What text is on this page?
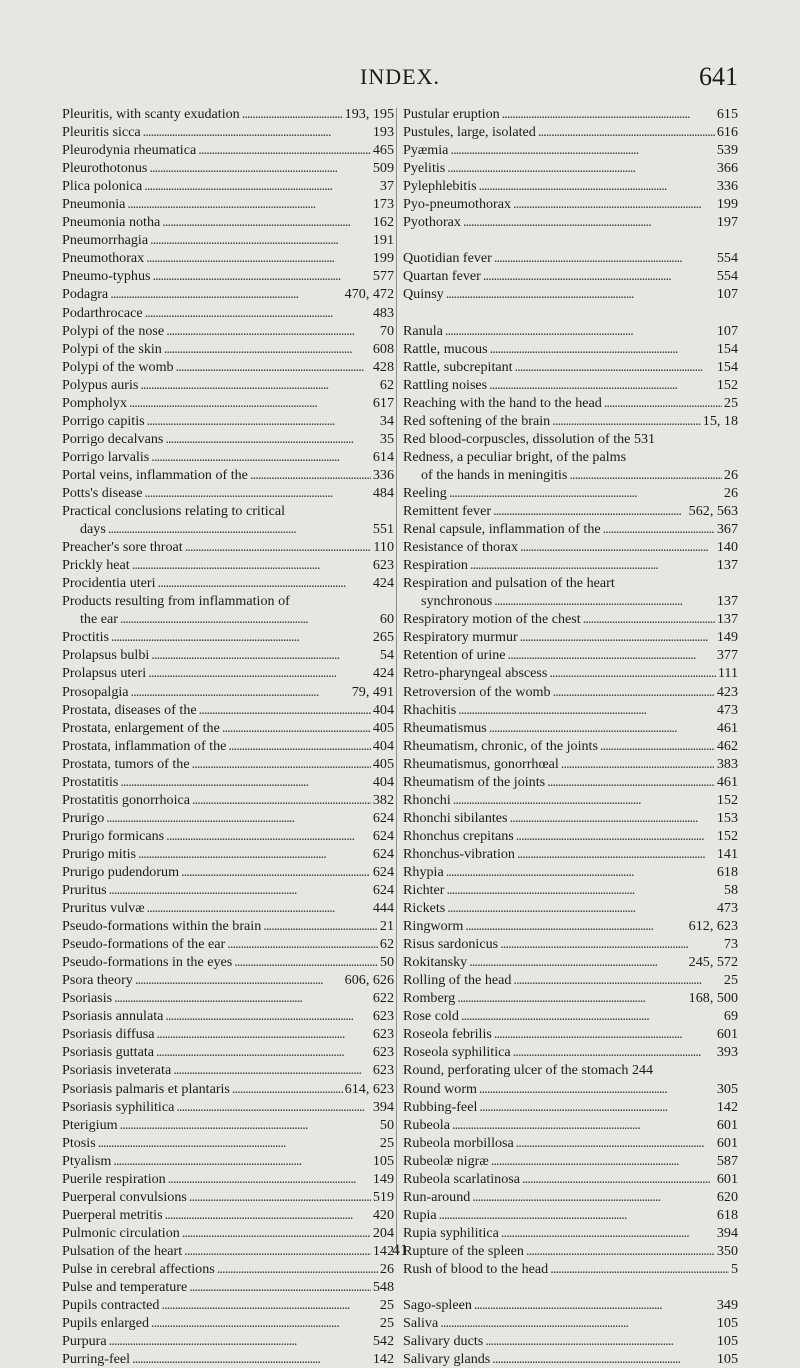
INDEX.	641
Pleuritis, with scanty exudation . . .	193, 195
Pleuritis sicca . . .	193
Pleurodynia rheumatica . . .	465
Pleurothotonus . . .	509
Plica polonica . . .	37
Pneumonia . . .	173
Pneumonia notha . . .	162
Pneumorrhagia . . .	191
Pneumothorax . . .	199
Pneumo-typhus . . .	577
Podagra . . .	470, 472
Podarthrocace . . .	483
Polypi of the nose . . .	70
Polypi of the skin . . .	608
Polypi of the womb . . .	428
Polypus auris . . .	62
Pompholyx . . .	617
Porrigo capitis . . .	34
Porrigo decalvans . . .	35
Porrigo larvalis . . .	614
Portal veins, inflammation of the . . .	336
Potts's disease . . .	484
Practical conclusions relating to critical
days . . .	551
Preacher's sore throat . . .	110
Prickly heat . . .	623
Procidentia uteri . . .	424
Products resulting from inflammation of
the ear . . .	60
Proctitis . . .	265
Prolapsus bulbi . . .	54
Prolapsus uteri . . .	424
Prosopalgia . . .	79, 491
Prostata, diseases of the . . .	404
Prostata, enlargement of the . . .	405
Prostata, inflammation of the . . .	404
Prostata, tumors of the . . .	405
Prostatitis . . .	404
Prostatitis gonorrhoica . . .	382
Prurigo . . .	624
Prurigo formicans . . .	624
Prurigo mitis . . .	624
Prurigo pudendorum . . .	624
Pruritus . . .	624
Pruritus vulvæ . . .	444
Pseudo-formations within the brain . . .	21
Pseudo-formations of the ear . . .	62
Pseudo-formations in the eyes . . .	50
Psora theory . . .	606, 626
Psoriasis . . .	622
Psoriasis annulata . . .	623
Psoriasis diffusa . . .	623
Psoriasis guttata . . .	623
Psoriasis inveterata . . .	623
Psoriasis palmaris et plantaris . . .	614, 623
Psoriasis syphilitica . . .	394
Pterigium . . .	50
Ptosis . . .	25
Ptyalism . . .	105
Puerile respiration . . .	149
Puerperal convulsions . . .	519
Puerperal metritis . . .	420
Pulmonic circulation . . .	204
Pulsation of the heart . . .	142
Pulse in cerebral affections . . .	26
Pulse and temperature . . .	548
Pupils contracted . . .	25
Pupils enlarged . . .	25
Purpura . . .	542
Purring-feel . . .	142
Pustular eruption . . .	615
Pustules, large, isolated . . .	616
Pyæmia . . .	539
Pyelitis . . .	366
Pylephlebitis . . .	336
Pyo-pneumothorax . . .	199
Pyothorax . . .	197
Quotidian fever . . .	554
Quartan fever . . .	554
Quinsy . . .	107
Ranula . . .	107
Rattle, mucous . . .	154
Rattle, subcrepitant . . .	154
Rattling noises . . .	152
Reaching with the hand to the head . . .	25
Red softening of the brain . . .	15, 18
Red blood-corpuscles, dissolution of the 531
Redness, a peculiar bright, of the palms
of the hands in meningitis . . .	26
Reeling . . .	26
Remittent fever . . .	562, 563
Renal capsule, inflammation of the . . .	367
Resistance of thorax . . .	140
Respiration . . .	137
Respiration and pulsation of the heart
synchronous . . .	137
Respiratory motion of the chest . . .	137
Respiratory murmur . . .	149
Retention of urine . . .	377
Retro-pharyngeal abscess . . .	111
Retroversion of the womb . . .	423
Rhachitis . . .	473
Rheumatismus . . .	461
Rheumatism, chronic, of the joints . . .	462
Rheumatismus, gonorrhœal . . .	383
Rheumatism of the joints . . .	461
Rhonchi . . .	152
Rhonchi sibilantes . . .	153
Rhonchus crepitans . . .	152
Rhonchus-vibration . . .	141
Rhypia . . .	618
Richter . . .	58
Rickets . . .	473
Ringworm . . .	612, 623
Risus sardonicus . . .	73
Rokitansky . . .	245, 572
Rolling of the head . . .	25
Romberg . . .	168, 500
Rose cold . . .	69
Roseola febrilis . . .	601
Roseola syphilitica . . .	393
Round, perforating ulcer of the stomach 244
Round worm . . .	305
Rubbing-feel . . .	142
Rubeola . . .	601
Rubeola morbillosa . . .	601
Rubeolæ nigræ . . .	587
Rubeola scarlatinosa . . .	601
Run-around . . .	620
Rupia . . .	618
Rupia syphilitica . . .	394
Rupture of the spleen . . .	350
Rush of blood to the head . . .	5
Sago-spleen . . .	349
Saliva . . .	105
Salivary ducts . . .	105
Salivary glands . . .	105
41
